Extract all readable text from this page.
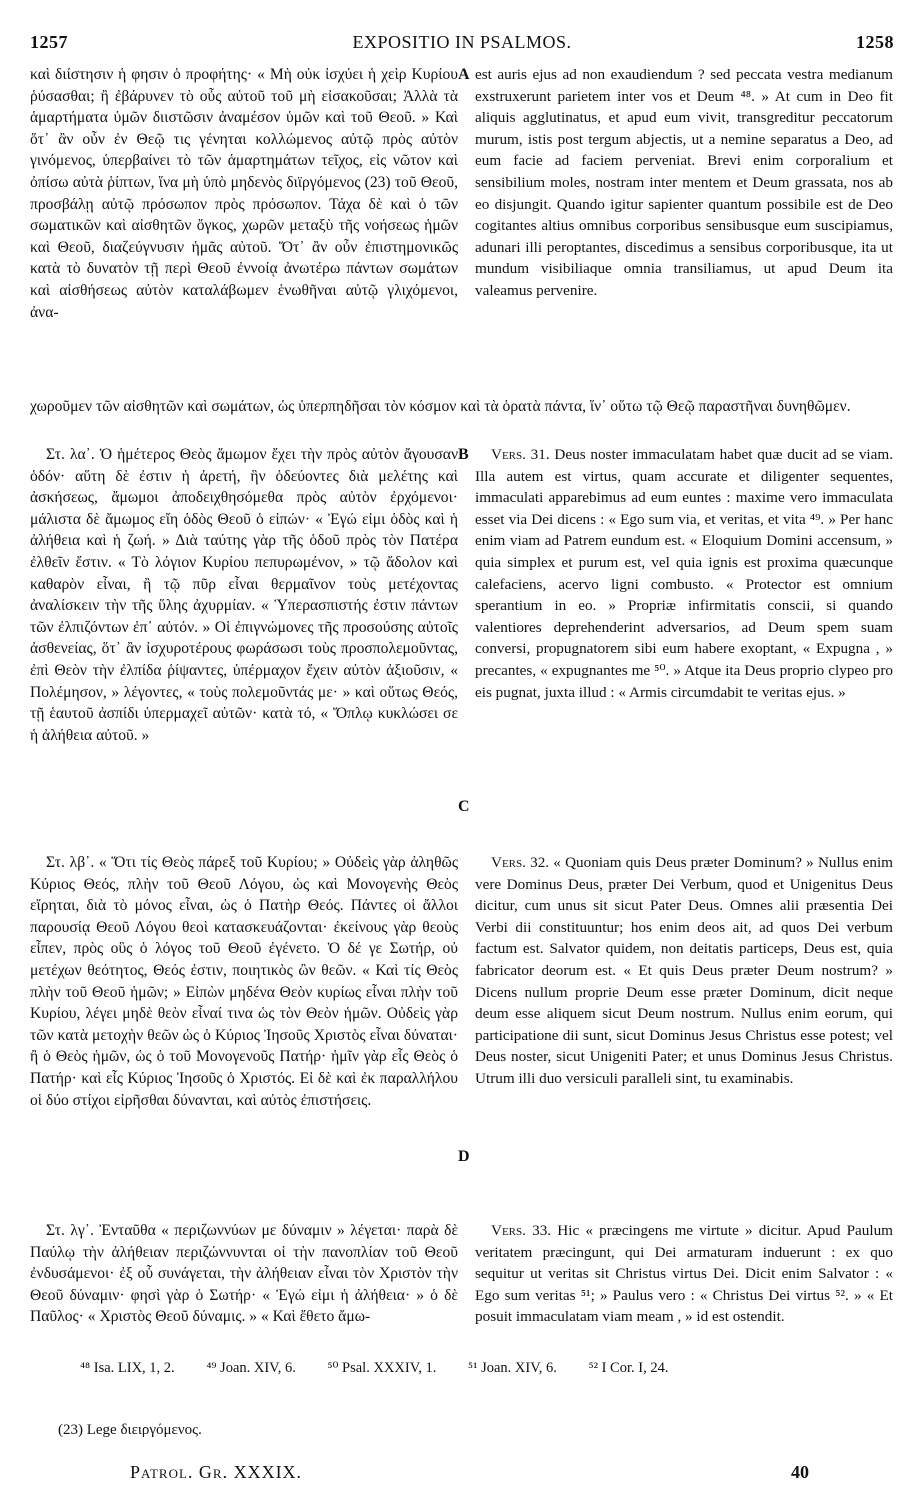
1257	EXPOSITIO IN PSALMOS.	1258

καὶ διίστησιν ἡ φησιν ὁ προφήτης· « Μὴ οὐκ ἰσχύει ἡ χεὶρ Κυρίου ῥύσασθαι; ἢ ἐβάρυνεν τὸ οὖς αὐτοῦ τοῦ μὴ εἰσακοῦσαι; Ἀλλὰ τὰ ἁμαρτήματα ὑμῶν διιστῶσιν ἀναμέσον ὑμῶν καὶ τοῦ Θεοῦ. » Καὶ ὅτ᾽ ἂν οὖν ἐν Θεῷ τις γένηται κολλώμενος αὐτῷ πρὸς αὐτὸν γινόμενος, ὑπερβαίνει τὸ τῶν ἁμαρτημάτων τεῖχος, εἰς νῶτον καὶ ὀπίσω αὐτὰ ῥίπτων, ἵνα μὴ ὑπὸ μηδενὸς διϊργόμενος (23) τοῦ Θεοῦ, προσβάλῃ αὐτῷ πρόσωπον πρὸς πρόσωπον. Τάχα δὲ καὶ ὁ τῶν σωματικῶν καὶ αἰσθητῶν ὄγκος, χωρῶν μεταξὺ τῆς νοήσεως ἡμῶν καὶ Θεοῦ, διαζεύγνυσιν ἡμᾶς αὐτοῦ. Ὅτ᾽ ἂν οὖν ἐπιστημονικῶς κατὰ τὸ δυνατὸν τῇ περὶ Θεοῦ ἐννοίᾳ ἀνωτέρω πάντων σωμάτων καὶ αἰσθήσεως αὐτὸν καταλάβωμεν ἑνωθῆναι αὐτῷ γλιχόμενοι, ἀνα-

est auris ejus ad non exaudiendum ? sed peccata vestra medianum exstruxerunt parietem inter vos et Deum ⁴⁸. » At cum in Deo fit aliquis agglutinatus, et apud eum vivit, transgreditur peccatorum murum, istis post tergum abjectis, ut a nemine separatus a Deo, ad eum facie ad faciem perveniat. Brevi enim corporalium et sensibilium moles, nostram inter mentem et Deum grassata, nos ab eo disjungit. Quando igitur sapienter quantum possibile est de Deo cogitantes altius omnibus corporibus sensibusque eum suscipiamus, adunari illi peroptantes, discedimus a sensibus corporibusque, ita ut mundum visibiliaque omnia transiliamus, ut apud Deum ita valeamus pervenire.

χωροῦμεν τῶν αἰσθητῶν καὶ σωμάτων, ὡς ὑπερπηδῆσαι τὸν κόσμον καὶ τὰ ὁρατὰ πάντα, ἵν᾽ οὕτω τῷ Θεῷ παραστῆναι δυνηθῶμεν.

Στ. λα᾽. Ὁ ἡμέτερος Θεὸς ἄμωμον ἔχει τὴν πρὸς αὐτὸν ἄγουσαν ὁδόν· αὕτη δὲ ἐστιν ἡ ἀρετή, ἣν ὁδεύοντες διὰ μελέτης καὶ ἀσκήσεως, ἄμωμοι ἀποδειχθησόμεθα πρὸς αὐτὸν ἐρχόμενοι· μάλιστα δὲ ἄμωμος εἴη ὁδὸς Θεοῦ ὁ εἰπών· « Ἐγώ εἰμι ὁδὸς καὶ ἡ ἀλήθεια καὶ ἡ ζωή. » Διὰ ταύτης γὰρ τῆς ὁδοῦ πρὸς τὸν Πατέρα ἐλθεῖν ἔστιν. « Τὸ λόγιον Κυρίου πεπυρωμένον, » τῷ ἄδολον καὶ καθαρὸν εἶναι, ἢ τῷ πῦρ εἶναι θερμαῖνον τοὺς μετέχοντας ἀναλίσκειν τὴν τῆς ὕλης ἀχυρμίαν. « Ὑπερασπιστής ἐστιν πάντων τῶν ἐλπιζόντων ἐπ᾽ αὐτόν. » Οἱ ἐπιγνώμονες τῆς προσούσης αὐτοῖς ἀσθενείας, ὅτ᾽ ἂν ἰσχυροτέρους φωράσωσι τοὺς προσπολεμοῦντας, ἐπὶ Θεὸν τὴν ἐλπίδα ῥίψαντες, ὑπέρμαχον ἔχειν αὐτὸν ἀξιοῦσιν, « Πολέμησον, » λέγοντες, « τοὺς πολεμοῦντάς με· » καὶ οὕτως Θεός, τῇ ἑαυτοῦ ἀσπίδι ὑπερμαχεῖ αὐτῶν· κατὰ τό, « Ὅπλῳ κυκλώσει σε ἡ ἀλήθεια αὐτοῦ. »

Vers. 31. Deus noster immaculatam habet quæ ducit ad se viam. Illa autem est virtus, quam accurate et diligenter sequentes, immaculati apparebimus ad eum euntes : maxime vero immaculata esset via Dei dicens : « Ego sum via, et veritas, et vita ⁴⁹. » Per hanc enim viam ad Patrem eundum est. « Eloquium Domini accensum, » quia simplex et purum est, vel quia ignis est proxima quæcunque calefaciens, acervo ligni combusto. « Protector est omnium sperantium in eo. » Propriæ infirmitatis conscii, si quando valentiores deprehenderint adversarios, ad Deum spem suam conversi, propugnatorem sibi eum habere exoptant, « Expugna , » precantes, « expugnantes me ⁵⁰. » Atque ita Deus proprio clypeo pro eis pugnat, juxta illud : « Armis circumdabit te veritas ejus. »

Στ. λβ᾽. « Ὅτι τίς Θεὸς πάρεξ τοῦ Κυρίου; » Οὐδεὶς γὰρ ἀληθῶς Κύριος Θεός, πλὴν τοῦ Θεοῦ Λόγου, ὡς καὶ Μονογενὴς Θεὸς εἴρηται, διὰ τὸ μόνος εἶναι, ὡς ὁ Πατὴρ Θεός. Πάντες οἱ ἄλλοι παρουσίᾳ Θεοῦ Λόγου θεοὶ κατασκευάζονται· ἐκείνους γὰρ θεοὺς εἶπεν, πρὸς οὓς ὁ λόγος τοῦ Θεοῦ ἐγένετο. Ὁ δέ γε Σωτήρ, οὐ μετέχων θεότητος, Θεός ἐστιν, ποιητικὸς ὢν θεῶν. « Καὶ τίς Θεὸς πλὴν τοῦ Θεοῦ ἡμῶν; » Εἰπὼν μηδένα Θεὸν κυρίως εἶναι πλὴν τοῦ Κυρίου, λέγει μηδὲ θεὸν εἶναί τινα ὡς τὸν Θεὸν ἡμῶν. Οὐδεὶς γὰρ τῶν κατὰ μετοχὴν θεῶν ὡς ὁ Κύριος Ἰησοῦς Χριστὸς εἶναι δύναται· ἢ ὁ Θεὸς ἡμῶν, ὡς ὁ τοῦ Μονογενοῦς Πατήρ· ἡμῖν γὰρ εἷς Θεὸς ὁ Πατήρ· καὶ εἷς Κύριος Ἰησοῦς ὁ Χριστός. Εἰ δὲ καὶ ἐκ παραλλήλου οἱ δύο στίχοι εἰρῆσθαι δύνανται, καὶ αὐτὸς ἐπιστήσεις.

Vers. 32. « Quoniam quis Deus præter Dominum? » Nullus enim vere Dominus Deus, præter Dei Verbum, quod et Unigenitus Deus dicitur, cum unus sit sicut Pater Deus. Omnes alii præsentia Dei Verbi dii constituuntur; hos enim deos ait, ad quos Dei verbum factum est. Salvator quidem, non deitatis particeps, Deus est, quia fabricator deorum est. « Et quis Deus præter Deum nostrum? » Dicens nullum proprie Deum esse præter Dominum, dicit neque deum esse aliquem sicut Deum nostrum. Nullus enim eorum, qui participatione dii sunt, sicut Dominus Jesus Christus esse potest; vel Deus noster, sicut Unigeniti Pater; et unus Dominus Jesus Christus. Utrum illi duo versiculi paralleli sint, tu examinabis.

Στ. λγ᾽. Ἐνταῦθα « περιζωννύων με δύναμιν » λέγεται· παρὰ δὲ Παύλῳ τὴν ἀλήθειαν περιζώννυνται οἱ τὴν πανοπλίαν τοῦ Θεοῦ ἐνδυσάμενοι· ἐξ οὗ συνάγεται, τὴν ἀλήθειαν εἶναι τὸν Χριστὸν τὴν Θεοῦ δύναμιν· φησὶ γὰρ ὁ Σωτήρ· « Ἐγώ εἰμι ἡ ἀλήθεια· » ὁ δὲ Παῦλος· « Χριστὸς Θεοῦ δύναμις. » « Καὶ ἔθετο ἄμω-

Vers. 33. Hic « præcingens me virtute » dicitur. Apud Paulum veritatem præcingunt, qui Dei armaturam induerunt : ex quo sequitur ut veritas sit Christus virtus Dei. Dicit enim Salvator : « Ego sum veritas ⁵¹; » Paulus vero : « Christus Dei virtus ⁵². » « Et posuit immaculatam viam meam , » id est ostendit.

A
B
C
D
⁴⁸ Isa. LIX, 1, 2. ⁴⁹ Joan. XIV, 6. ⁵⁰ Psal. XXXIV, 1. ⁵¹ Joan. XIV, 6. ⁵² I Cor. I, 24.
(23) Lege διειργόμενος.
Patrol. Gr. XXXIX.	40
